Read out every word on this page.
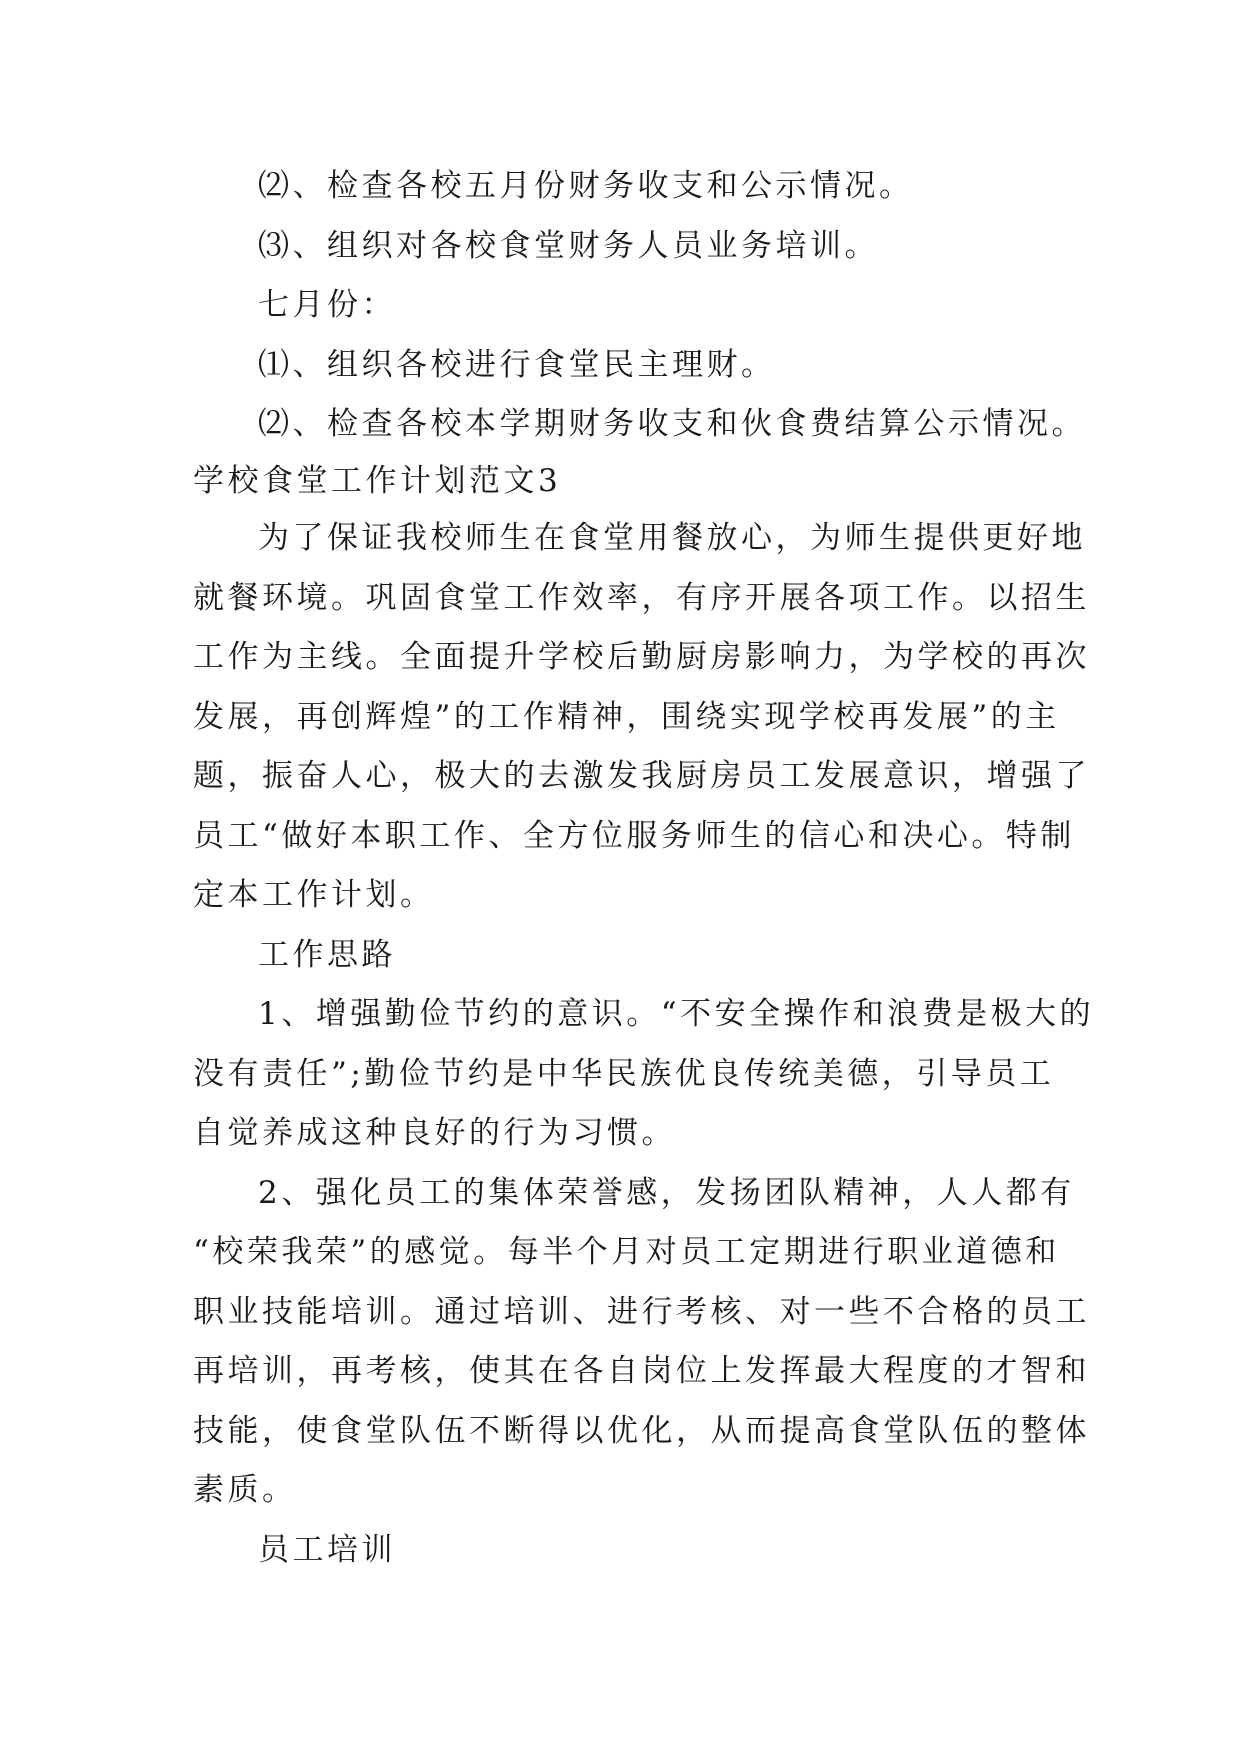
⑵、检查各校五月份财务收支和公示情况。
⑶、组织对各校食堂财务人员业务培训。
七月份：
⑴、组织各校进行食堂民主理财。
⑵、检查各校本学期财务收支和伙食费结算公示情况。
学校食堂工作计划范文3
为了保证我校师生在食堂用餐放心，为师生提供更好地
就餐环境。巩固食堂工作效率，有序开展各项工作。以招生
工作为主线。全面提升学校后勤厨房影响力，为学校的再次
发展，再创辉煌”的工作精神，围绕实现学校再发展”的主
题，振奋人心，极大的去激发我厨房员工发展意识，增强了
员工“做好本职工作、全方位服务师生的信心和决心。特制
定本工作计划。
工作思路
1、增强勤俭节约的意识。“不安全操作和浪费是极大的
没有责任”;勤俭节约是中华民族优良传统美德，引导员工
自觉养成这种良好的行为习惯。
2、强化员工的集体荣誉感，发扬团队精神，人人都有
“校荣我荣”的感觉。每半个月对员工定期进行职业道德和
职业技能培训。通过培训、进行考核、对一些不合格的员工
再培训，再考核，使其在各自岗位上发挥最大程度的才智和
技能，使食堂队伍不断得以优化，从而提高食堂队伍的整体
素质。
员工培训
